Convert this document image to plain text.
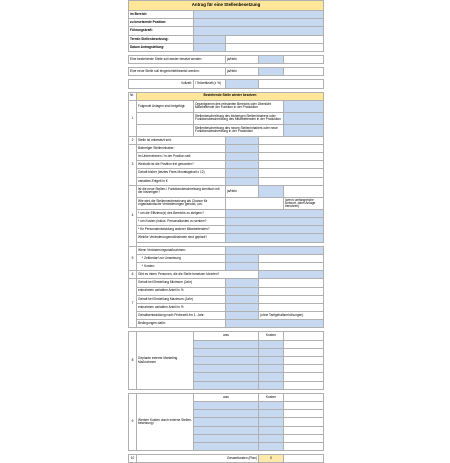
Antrag für eine Stellenbesetzung					
im Bereich:					
zu besetzende Position:					
Führungskraft:					
Termin Stellenbesetzung:					
Datum Antragstellung:					

Eine bestehende Stelle soll wieder besetzt werden:			ja/Nein		

Eine neue Stelle soll eingerichtet/besetzt werden:			ja/Nein		

Vollzeit:		/ Teilzeitkraft (x %)			

Nr.	Bestehende Stelle wieder besetzen				
1	Folgende Anlagen sind beigefügt:	Organigramm des relevanten Bereichs oder Übersicht Mitarbeitende der Funktion in der Produktion			
		Stellenbeschreibung des bisherigen Stelleninhabers oder Funktionsbeschreibung des Mitarbeitenden in der Produktion			
		Stellenbeschreibung des neuen Stelleninhabers oder neue Funktionsbeschreibung in der Produktion			
2	Stelle ist unbesetzt seit:				
3	Bisheriger Stelleninhaber:				
	im Unternehmen / in der Position seit:				
	Weshalb ist die Position frei geworden?				
	Gehalt bisher (letztes Fixes Monatsgehalt x 12)				
	variables Entgelt in €				
4	Ist die neue Stellen-/ Funktionsbeschreibung identisch mit der bisherigen?		ja/Nein		
	Wie wird die Stellenneubesetzung als Chance für organisatorische Veränderungen genutzt, um:				(wenn umfangreiche Antwort, dann Anlage benutzen)
	* um die Effizienz(z) des Bereichs zu steigern?				
	* um Kosten (inklus. Personalkosten zu senken?				
	* für Personalentwicklung anderer Mitarbeitenden?				
	Welche Veränderungsmaßnahmen sind geplant?				

5	Wenn Veränderungsmaßnahmen:				
	* Zeitbedarf zur Umsetzung				
	* Kosten:				
6	Gibt es intern Personen, die die Stelle besetzen könnten?				
7	Gehalt bei Einstellung Minimum (Jahr)				
	entnahmen variablen Anteil in %				
	Gehalt bei Einstellung Maximum (Jahr)				
	entnahmen variablen Anteil in %				
	Gehaltsentwicklung nach Probezeit /im 1. Jahr:			(ohne Tarifgehaltserhöhungen)	
	Bedingungen dafür:				

8	Geplante externe Marketing Maßnahmen	was		Kosten	

9	Werben Kosten durch externe Stellen-besetzung!	was		Kosten	

10	Gesamtkosten (Plan)			0	
